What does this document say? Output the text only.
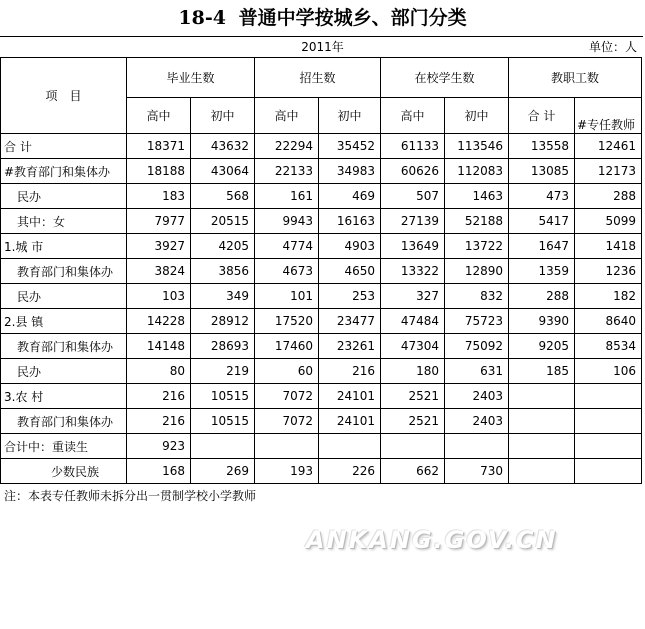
18-4 普通中学按城乡、部门分类
2011年	单位：人
项　目	毕业生数		招生数		在校学生数		教职工数	
	高中	初中	高中	初中	高中	初中	合 计	#专任教师
合 计	18371	43632	22294	35452	61133	113546	13558	12461
#教育部门和集体办	18188	43064	22133	34983	60626	112083	13085	12173
民办	183	568	161	469	507	1463	473	288
其中：女	7977	20515	9943	16163	27139	52188	5417	5099
1.城 市	3927	4205	4774	4903	13649	13722	1647	1418
教育部门和集体办	3824	3856	4673	4650	13322	12890	1359	1236
民办	103	349	101	253	327	832	288	182
2.县 镇	14228	28912	17520	23477	47484	75723	9390	8640
教育部门和集体办	14148	28693	17460	23261	47304	75092	9205	8534
民办	80	219	60	216	180	631	185	106
3.农 村	216	10515	7072	24101	2521	2403		
教育部门和集体办	216	10515	7072	24101	2521	2403		
合计中：重读生	923							
少数民族	168	269	193	226	662	730		
注：本表专任教师未拆分出一贯制学校小学教师
ANKANG.GOV.CN
